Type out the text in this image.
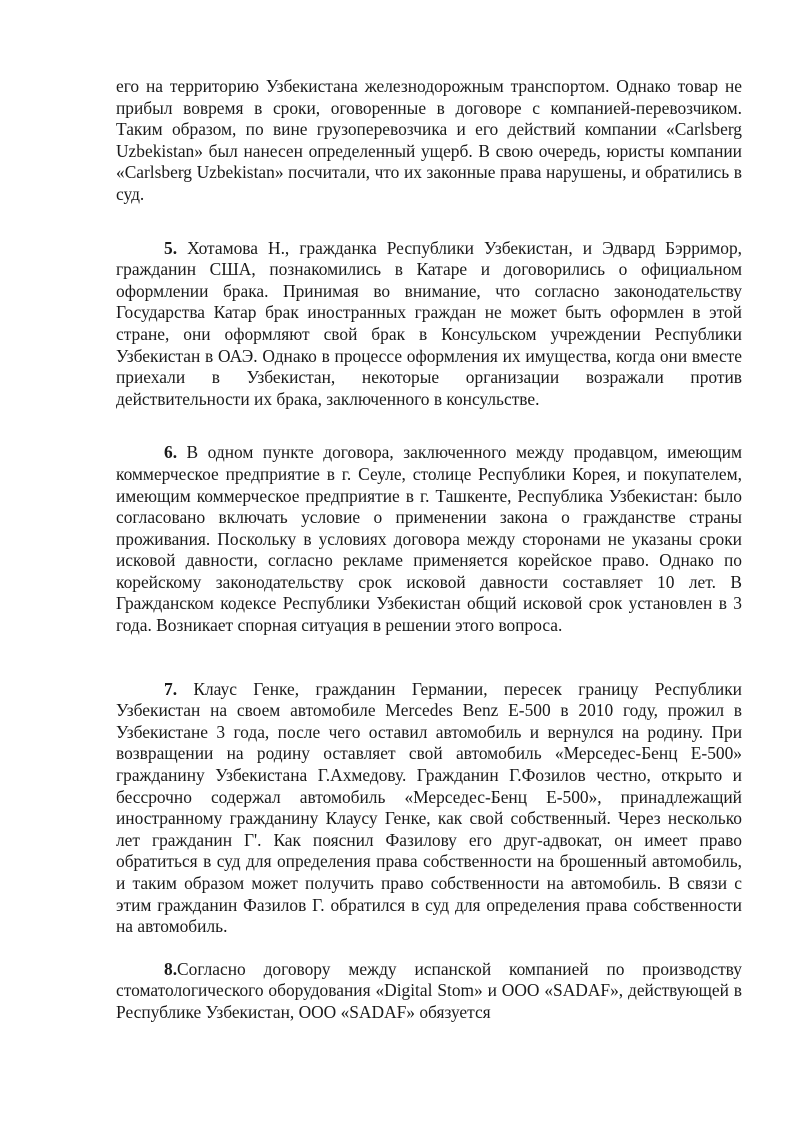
его на территорию Узбекистана железнодорожным транспортом. Однако товар не прибыл вовремя в сроки, оговоренные в договоре с компанией-перевозчиком. Таким образом, по вине грузоперевозчика и его действий компании «Carlsberg Uzbekistan» был нанесен определенный ущерб. В свою очередь, юристы компании «Carlsberg Uzbekistan» посчитали, что их законные права нарушены, и обратились в суд.

5. Хотамова Н., гражданка Республики Узбекистан, и Эдвард Бэрримор, гражданин США, познакомились в Катаре и договорились о официальном оформлении брака. Принимая во внимание, что согласно законодательству Государства Катар брак иностранных граждан не может быть оформлен в этой стране, они оформляют свой брак в Консульском учреждении Республики Узбекистан в ОАЭ. Однако в процессе оформления их имущества, когда они вместе приехали в Узбекистан, некоторые организации возражали против действительности их брака, заключенного в консульстве.

6. В одном пункте договора, заключенного между продавцом, имеющим коммерческое предприятие в г. Сеуле, столице Республики Корея, и покупателем, имеющим коммерческое предприятие в г. Ташкенте, Республика Узбекистан: было согласовано включать условие о применении закона о гражданстве страны проживания. Поскольку в условиях договора между сторонами не указаны сроки исковой давности, согласно рекламе применяется корейское право. Однако по корейскому законодательству срок исковой давности составляет 10 лет. В Гражданском кодексе Республики Узбекистан общий исковой срок установлен в 3 года. Возникает спорная ситуация в решении этого вопроса.

7. Клаус Генке, гражданин Германии, пересек границу Республики Узбекистан на своем автомобиле Mercedes Benz E-500 в 2010 году, прожил в Узбекистане 3 года, после чего оставил автомобиль и вернулся на родину. При возвращении на родину оставляет свой автомобиль «Мерседес-Бенц E-500» гражданину Узбекистана Г.Ахмедову. Гражданин Г.Фозилов честно, открыто и бессрочно содержал автомобиль «Мерседес-Бенц E-500», принадлежащий иностранному гражданину Клаусу Генке, как свой собственный. Через несколько лет гражданин Г'. Как пояснил Фазилову его друг-адвокат, он имеет право обратиться в суд для определения права собственности на брошенный автомобиль, и таким образом может получить право собственности на автомобиль. В связи с этим гражданин Фазилов Г. обратился в суд для определения права собственности на автомобиль.

8.Согласно договору между испанской компанией по производству стоматологического оборудования «Digital Stom» и ООО «SADAF», действующей в Республике Узбекистан, ООО «SADAF» обязуется
